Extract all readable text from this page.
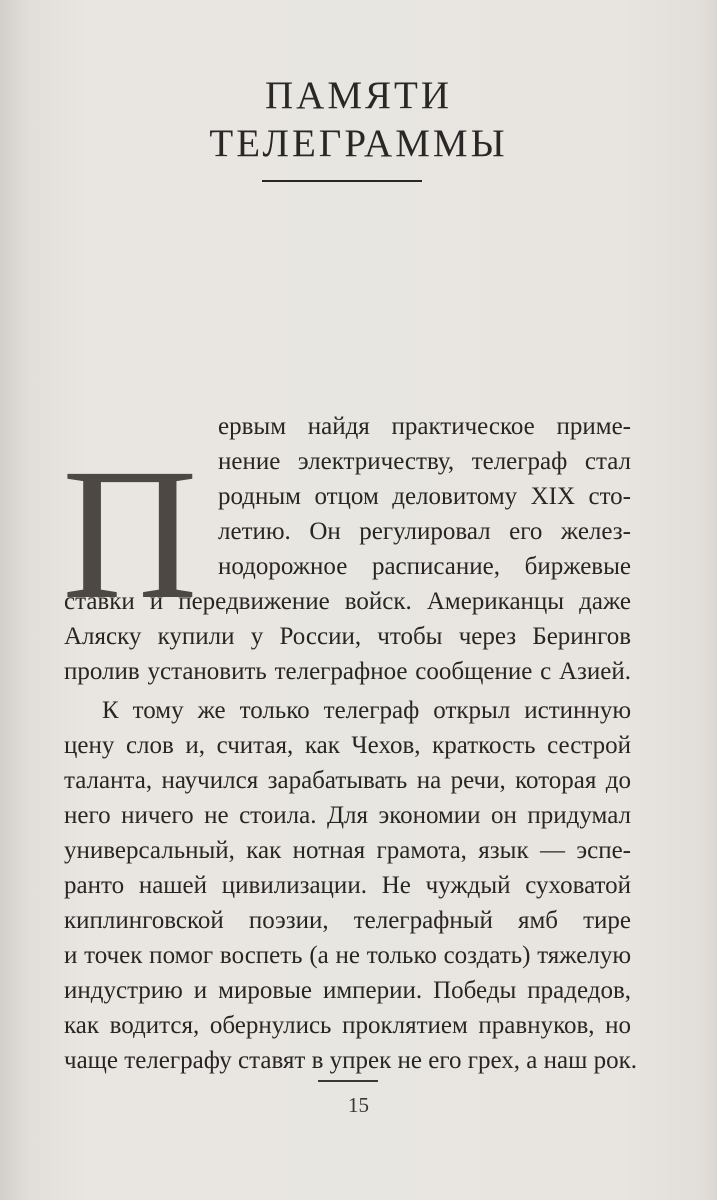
ПАМЯТИ
ТЕЛЕГРАММЫ
П
ервым найдя практическое приме-
нение электричеству, телеграф стал
родным отцом деловитому XIX сто-
летию. Он регулировал его желез-
нодорожное расписание, биржевые
ставки и передвижение войск. Американцы даже
Аляску купили у России, чтобы через Берингов
пролив установить телеграфное сообщение с Азией.
К тому же только телеграф открыл истинную
цену слов и, считая, как Чехов, краткость сестрой
таланта, научился зарабатывать на речи, которая до
него ничего не стоила. Для экономии он придумал
универсальный, как нотная грамота, язык — эспе-
ранто нашей цивилизации. Не чуждый суховатой
киплинговской поэзии, телеграфный ямб тире
и точек помог воспеть (а не только создать) тяжелую
индустрию и мировые империи. Победы прадедов,
как водится, обернулись проклятием правнуков, но
чаще телеграфу ставят в упрек не его грех, а наш рок.
15
